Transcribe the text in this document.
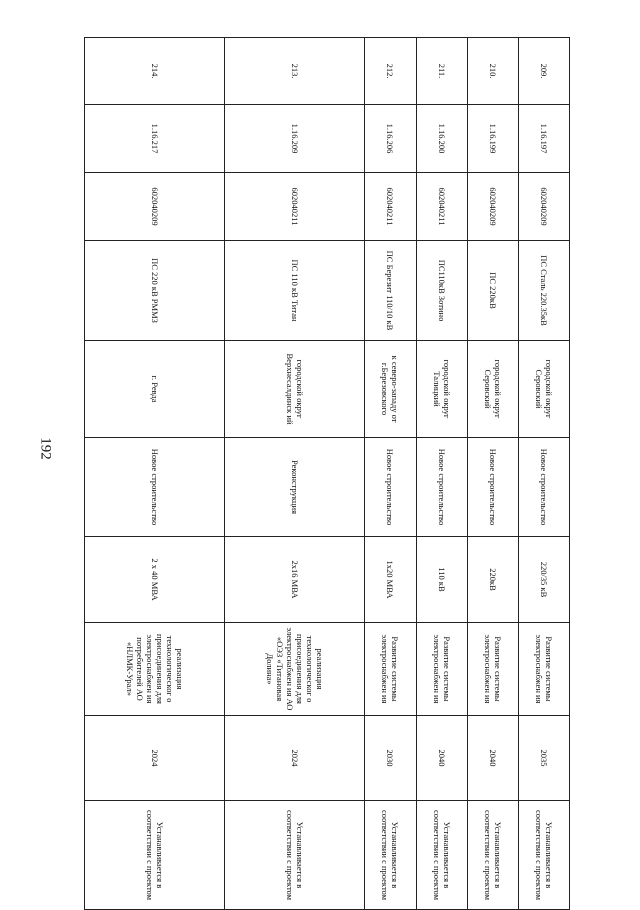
192
209.	1.16.197	602040209	ПС Сталь 220.35кВ	городской округ Серовский	Новое строительство	220/35 кВ	Развитие системы электроснабжен ия	2035	Устанавливается в соответствии с проектом
210.	1.16.199	602040209	ПС 220кВ	городской округ Серовский	Новое строительство	220кВ	Развитие системы электроснабжен ия	2040	Устанавливается в соответствии с проектом
211.	1.16.200	602040211	ПС110кВ Зотино	городской округ Талицкий	Новое строительство	110 кВ	Развитие системы электроснабжен ия	2040	Устанавливается в соответствии с проектом
212.	1.16.206	602040211	ПС Березит 110/10 кВ	к северо-западу от г.Березовского	Новое строительство	1х20 МВА	Развитие системы электроснабжен ия	2030	Устанавливается в соответствии с проектом
213.	1.16.209	602040211	ПС 110 кВ Титан	городской округ Верхнесалдинск ий	Реконструкция	2х16 МВА	реализация технологическог о присоединения для электроснабжен ия АО «ОЭЗ «Титановая Долина»	2024	Устанавливается в соответствии с проектом
214.	1.16.217	602040209	ПС 220 кВ РММЗ	г. Ревда	Новое строительство	2 х 40 МВА	реализация технологическог о присоединения для электроснабжен ия потребителей АО «НЛМК-Урал»	2024	Устанавливается в соответствии с проектом
